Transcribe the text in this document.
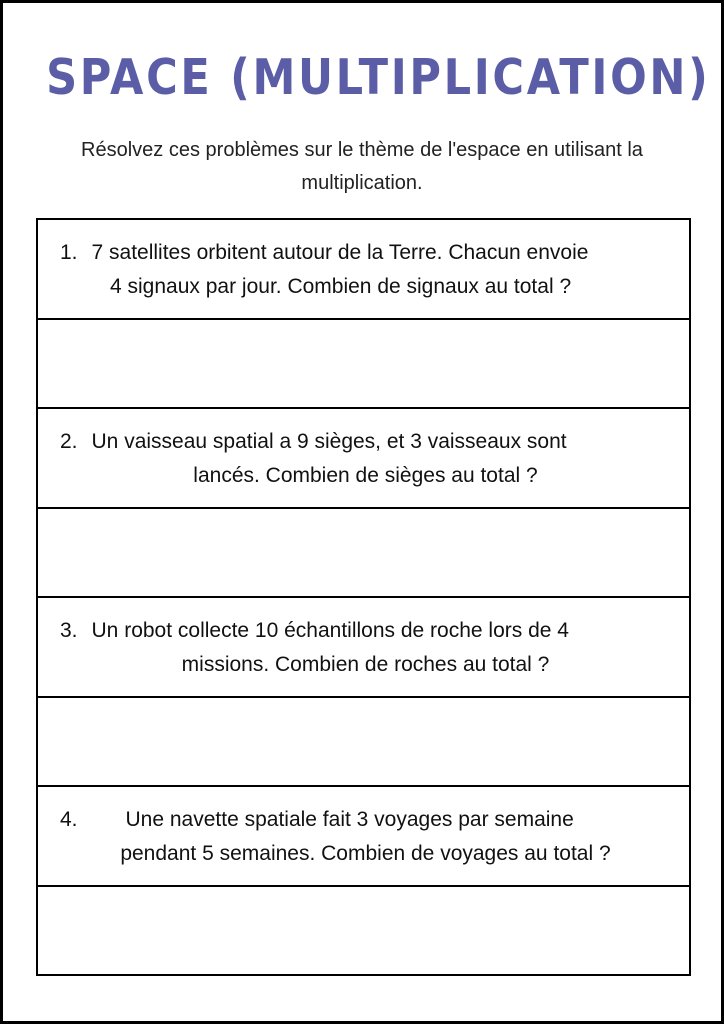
SPACE (MULTIPLICATION)
Résolvez ces problèmes sur le thème de l'espace en utilisant la multiplication.
1. 7 satellites orbitent autour de la Terre. Chacun envoie
4 signaux par jour. Combien de signaux au total ?
2. Un vaisseau spatial a 9 sièges, et 3 vaisseaux sont
lancés. Combien de sièges au total ?
3. Un robot collecte 10 échantillons de roche lors de 4
missions. Combien de roches au total ?
4. Une navette spatiale fait 3 voyages par semaine
pendant 5 semaines. Combien de voyages au total ?
